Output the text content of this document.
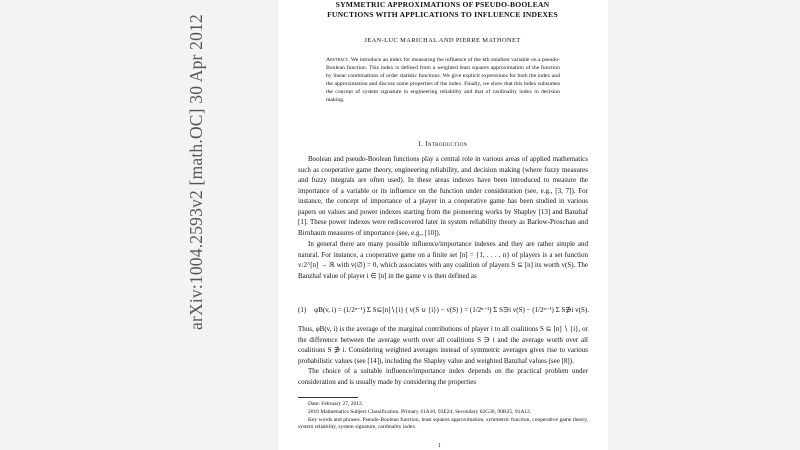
arXiv:1004.2593v2 [math.OC] 30 Apr 2012
SYMMETRIC APPROXIMATIONS OF PSEUDO-BOOLEAN
FUNCTIONS WITH APPLICATIONS TO INFLUENCE INDEXES
JEAN-LUC MARICHAL AND PIERRE MATHONET
Abstract. We introduce an index for measuring the influence of the kth smallest variable on a pseudo-Boolean function. This index is defined from a weighted least squares approximation of the function by linear combinations of order statistic functions. We give explicit expressions for both the index and the approximation and discuss some properties of the index. Finally, we show that this index subsumes the concept of system signature in engineering reliability and that of cardinality index in decision making.
1. Introduction

Boolean and pseudo-Boolean functions play a central role in various areas of applied mathematics such as cooperative game theory, engineering reliability, and decision making (where fuzzy measures and fuzzy integrals are often used). In these areas indexes have been introduced to measure the importance of a variable or its influence on the function under consideration (see, e.g., [3, 7]). For instance, the concept of importance of a player in a cooperative game has been studied in various papers on values and power indexes starting from the pioneering works by Shapley [13] and Banzhaf [1]. These power indexes were rediscovered later in system reliability theory as Barlow-Proschan and Birnbaum measures of importance (see, e.g., [10]).

In general there are many possible influence/importance indexes and they are rather simple and natural. For instance, a cooperative game on a finite set [n] = {1, . . . , n} of players is a set function v:2^[n] → ℝ with v(∅) = 0, which associates with any coalition of players S ⊆ [n] its worth v(S). The Banzhaf value of player i ∈ [n] in the game v is then defined as

(1)	φB(v, i) = (1/2ⁿ⁻¹) Σ S⊆[n]∖{i} ( v(S ∪ {i}) − v(S) ) = (1/2ⁿ⁻¹) Σ S∋i v(S) − (1/2ⁿ⁻¹) Σ S∌i v(S).

Thus, φB(v, i) is the average of the marginal contributions of player i to all coalitions S ⊆ [n] ∖ {i}, or the difference between the average worth over all coalitions S ∋ i and the average worth over all coalitions S ∌ i. Considering weighted averages instead of symmetric averages gives rise to various probabilistic values (see [14]), including the Shapley value and weighted Banzhaf values (see [8]).

The choice of a suitable influence/importance index depends on the practical problem under consideration and is usually made by considering the properties

Date: February 27, 2012.
2010 Mathematics Subject Classification. Primary 41A10, 93E24; Secondary 62G30, 90B25, 91A12.
Key words and phrases. Pseudo-Boolean function, least squares approximation, symmetric function, cooperative game theory, system reliability, system signature, cardinality index.
1
